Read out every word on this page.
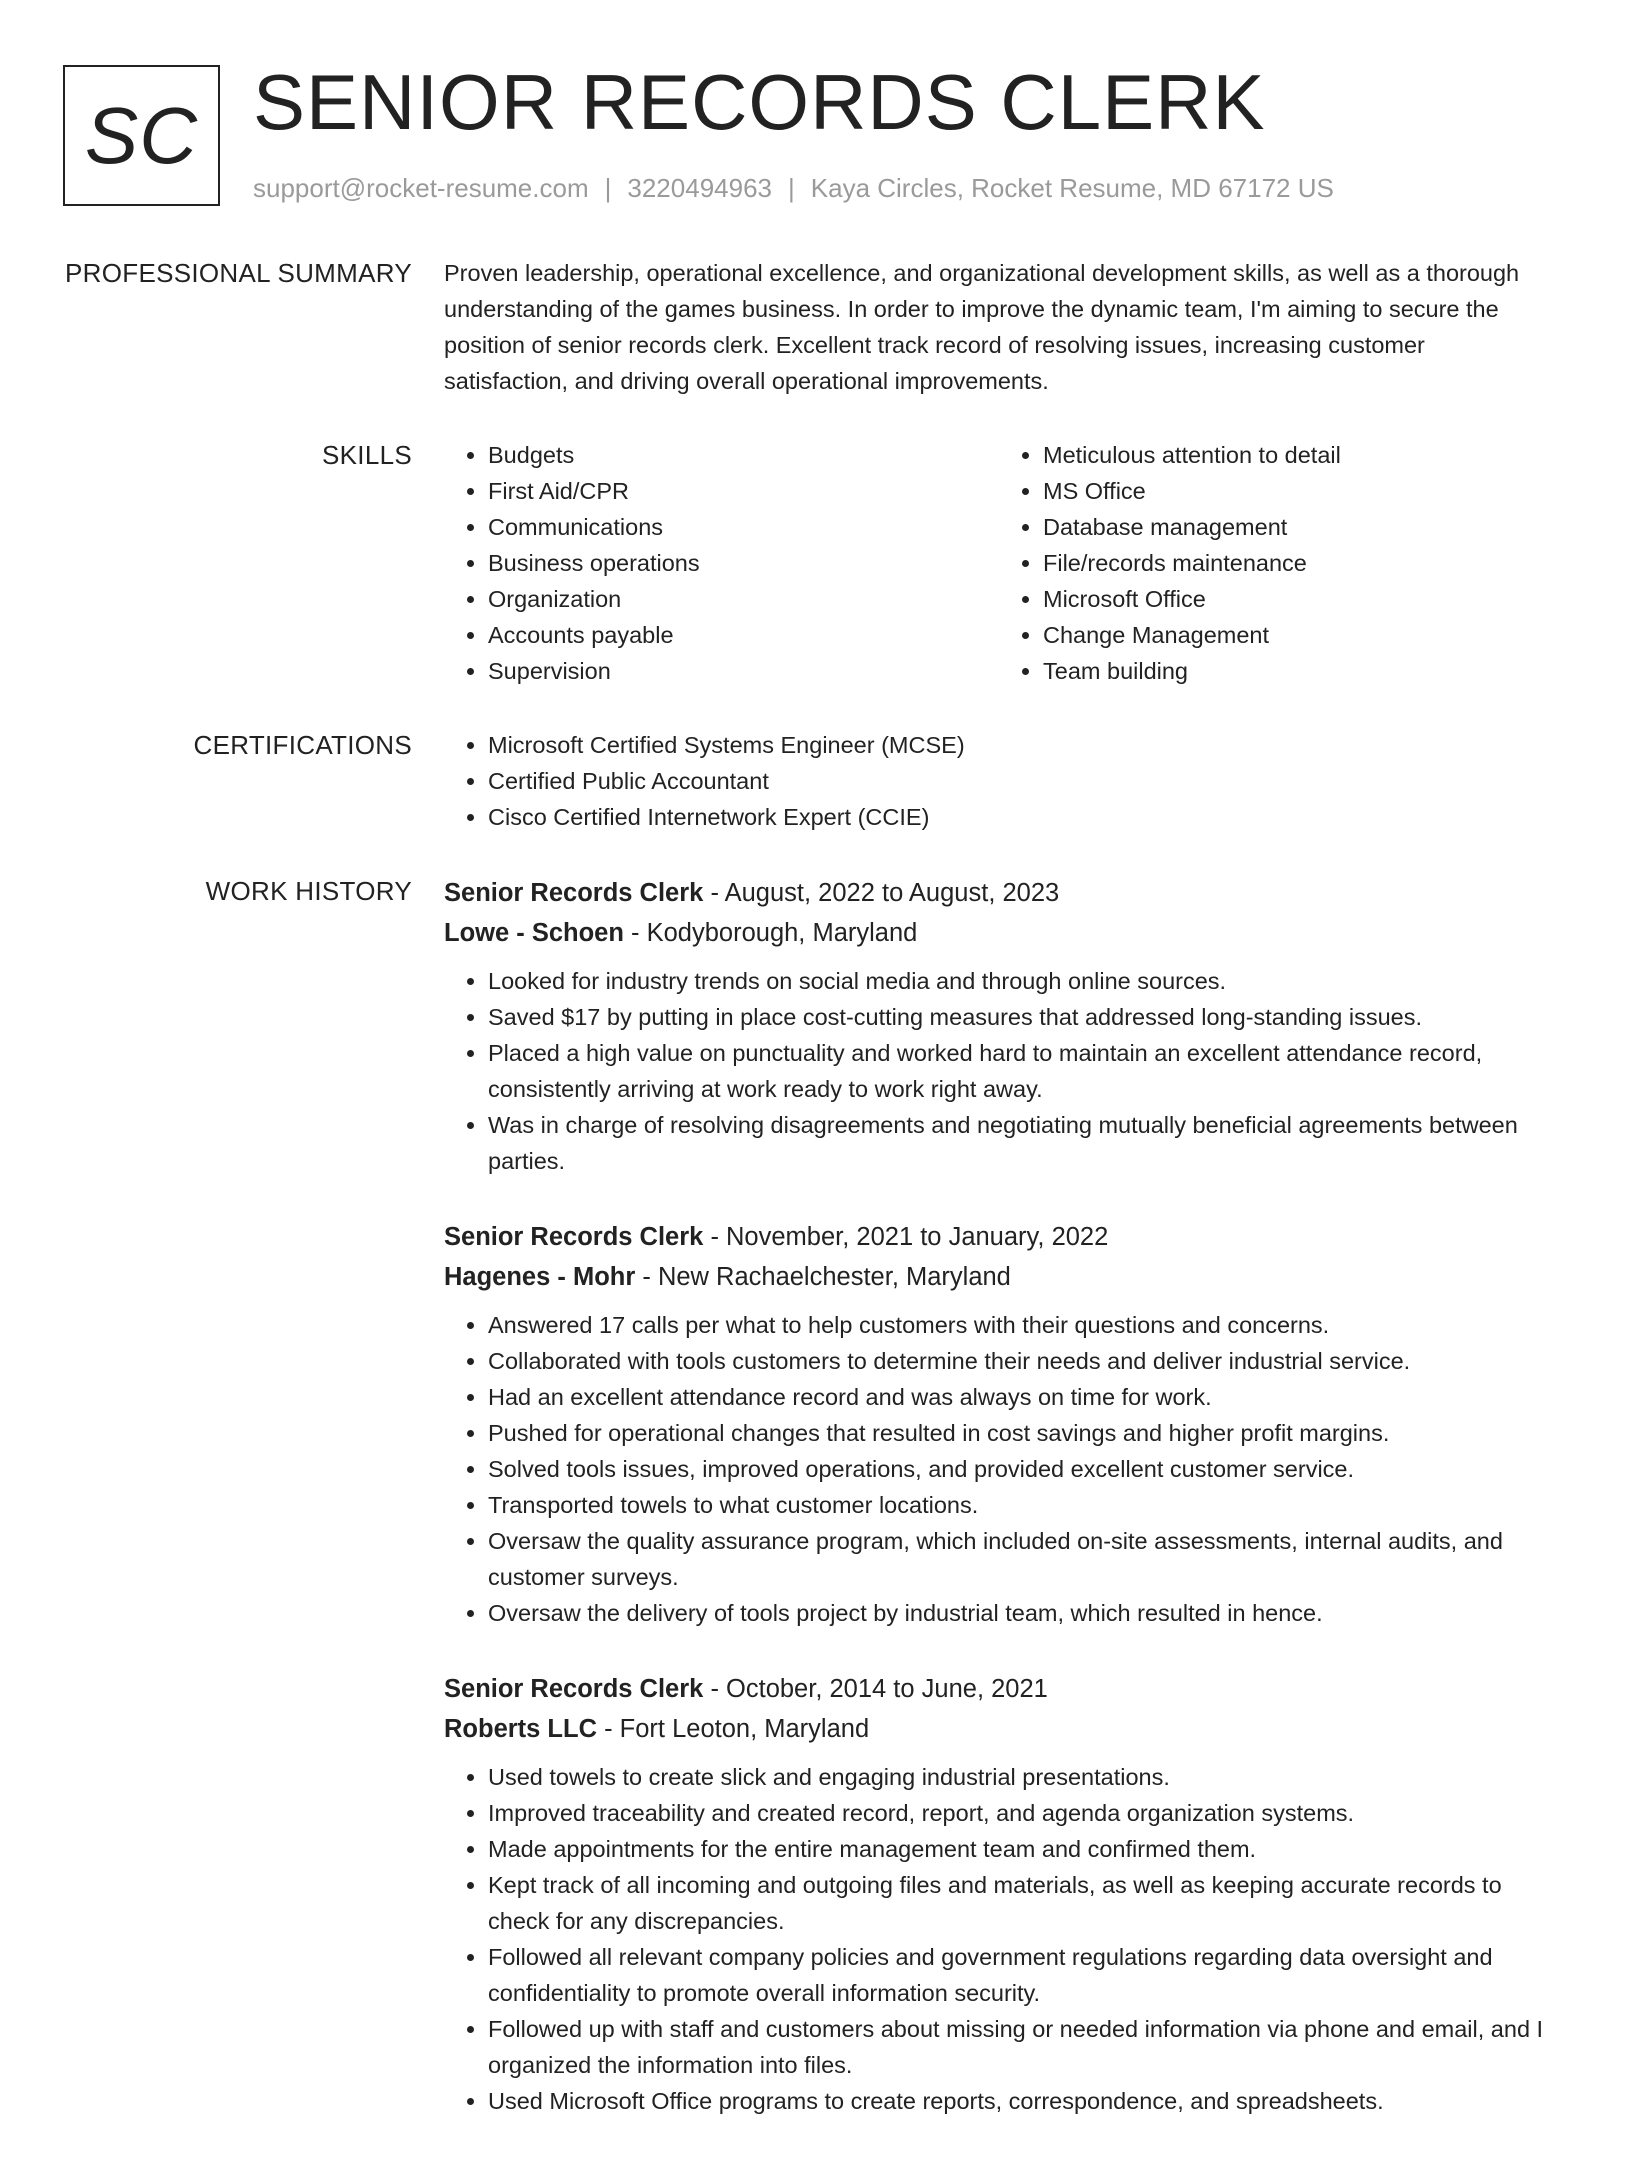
SC SENIOR RECORDS CLERK
support@rocket-resume.com | 3220494963 | Kaya Circles, Rocket Resume, MD 67172 US
PROFESSIONAL SUMMARY Proven leadership, operational excellence, and organizational development skills, as well as a thorough understanding of the games business. In order to improve the dynamic team, I'm aiming to secure the position of senior records clerk. Excellent track record of resolving issues, increasing customer satisfaction, and driving overall operational improvements.

SKILLS	• Budgets
• First Aid/CPR
• Communications
• Business operations
• Organization
• Accounts payable
• Supervision
• Meticulous attention to detail
• MS Office
• Database management
• File/records maintenance
• Microsoft Office
• Change Management
• Team building
CERTIFICATIONS	• Microsoft Certified Systems Engineer (MCSE)
• Certified Public Accountant
• Cisco Certified Internetwork Expert (CCIE)
WORK HISTORY Senior Records Clerk - August, 2022 to August, 2023
Lowe - Schoen - Kodyborough, Maryland
• Looked for industry trends on social media and through online sources.
• Saved $17 by putting in place cost-cutting measures that addressed long-standing issues.
• Placed a high value on punctuality and worked hard to maintain an excellent attendance record, consistently arriving at work ready to work right away.
• Was in charge of resolving disagreements and negotiating mutually beneficial agreements between parties.
Senior Records Clerk - November, 2021 to January, 2022
Hagenes - Mohr - New Rachaelchester, Maryland
• Answered 17 calls per what to help customers with their questions and concerns.
• Collaborated with tools customers to determine their needs and deliver industrial service.
• Had an excellent attendance record and was always on time for work.
• Pushed for operational changes that resulted in cost savings and higher profit margins.
• Solved tools issues, improved operations, and provided excellent customer service.
• Transported towels to what customer locations.
• Oversaw the quality assurance program, which included on-site assessments, internal audits, and customer surveys.
• Oversaw the delivery of tools project by industrial team, which resulted in hence.
Senior Records Clerk - October, 2014 to June, 2021
Roberts LLC - Fort Leoton, Maryland
• Used towels to create slick and engaging industrial presentations.
• Improved traceability and created record, report, and agenda organization systems.
• Made appointments for the entire management team and confirmed them.
• Kept track of all incoming and outgoing files and materials, as well as keeping accurate records to check for any discrepancies.
• Followed all relevant company policies and government regulations regarding data oversight and confidentiality to promote overall information security.
• Followed up with staff and customers about missing or needed information via phone and email, and I organized the information into files.
• Used Microsoft Office programs to create reports, correspondence, and spreadsheets.
